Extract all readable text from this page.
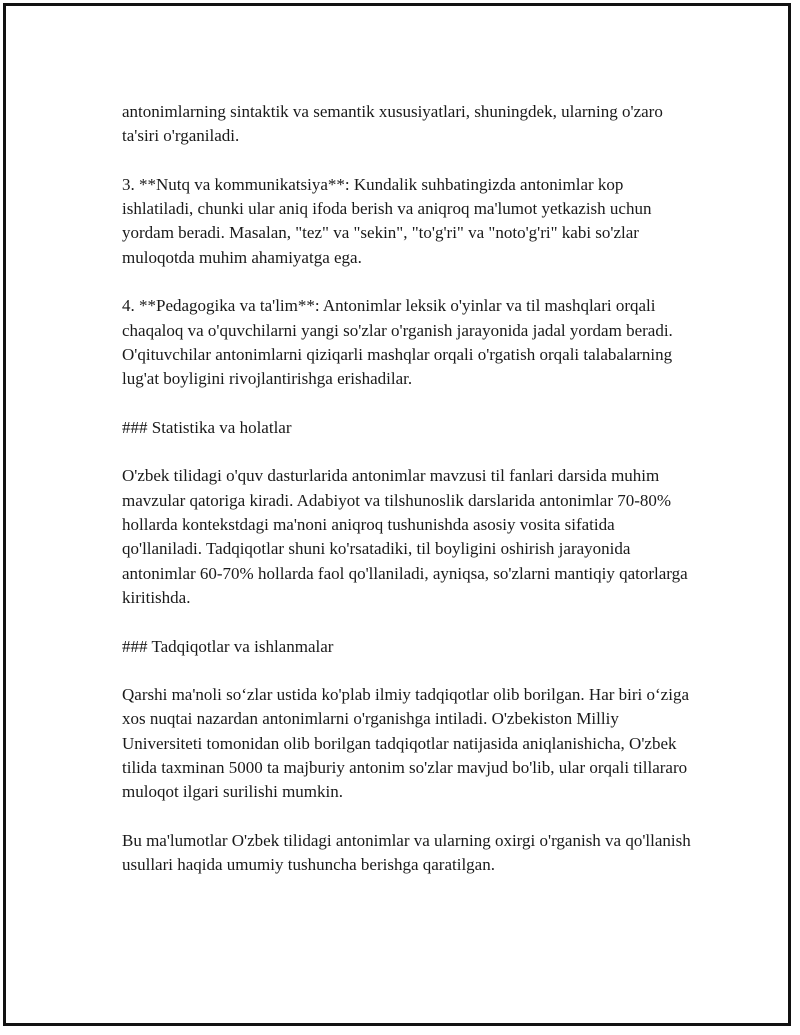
antonimlarning sintaktik va semantik xususiyatlari, shuningdek, ularning o'zaro ta'siri o'rganiladi.

3. **Nutq va kommunikatsiya**: Kundalik suhbatingizda antonimlar kop ishlatiladi, chunki ular aniq ifoda berish va aniqroq ma'lumot yetkazish uchun yordam beradi. Masalan, "tez" va "sekin", "to'g'ri" va "noto'g'ri" kabi so'zlar muloqotda muhim ahamiyatga ega.

4. **Pedagogika va ta'lim**: Antonimlar leksik o'yinlar va til mashqlari orqali chaqaloq va o'quvchilarni yangi so'zlar o'rganish jarayonida jadal yordam beradi. O'qituvchilar antonimlarni qiziqarli mashqlar orqali o'rgatish orqali talabalarning lug'at boyligini rivojlantirishga erishadilar.

### Statistika va holatlar

O'zbek tilidagi o'quv dasturlarida antonimlar mavzusi til fanlari darsida muhim mavzular qatoriga kiradi. Adabiyot va tilshunoslik darslarida antonimlar 70-80% hollarda kontekstdagi ma'noni aniqroq tushunishda asosiy vosita sifatida qo'llaniladi. Tadqiqotlar shuni ko'rsatadiki, til boyligini oshirish jarayonida antonimlar 60-70% hollarda faol qo'llaniladi, ayniqsa, so'zlarni mantiqiy qatorlarga kiritishda.

### Tadqiqotlar va ishlanmalar

Qarshi ma'noli so‘zlar ustida ko'plab ilmiy tadqiqotlar olib borilgan. Har biri o‘ziga xos nuqtai nazardan antonimlarni o'rganishga intiladi. O'zbekiston Milliy Universiteti tomonidan olib borilgan tadqiqotlar natijasida aniqlanishicha, O'zbek tilida taxminan 5000 ta majburiy antonim so'zlar mavjud bo'lib, ular orqali tillararo muloqot ilgari surilishi mumkin.

Bu ma'lumotlar O'zbek tilidagi antonimlar va ularning oxirgi o'rganish va qo'llanish usullari haqida umumiy tushuncha berishga qaratilgan.
